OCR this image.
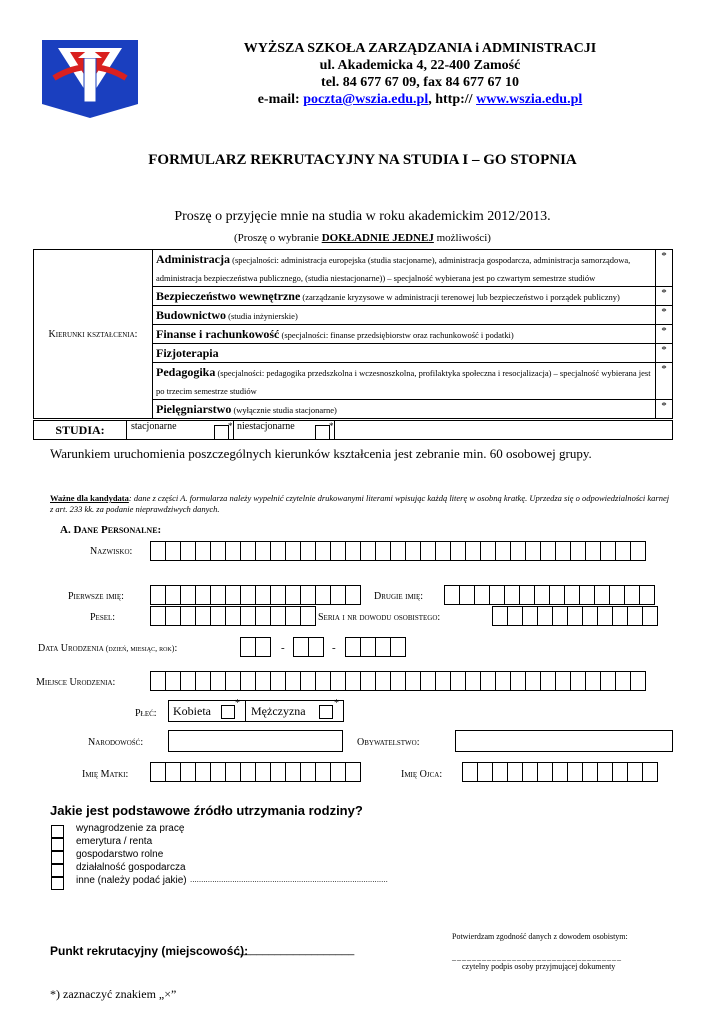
WYŻSZA SZKOŁA ZARZĄDZANIA i ADMINISTRACJI
ul. Akademicka 4, 22-400 Zamość
tel. 84 677 67 09, fax 84 677 67 10
e-mail: poczta@wszia.edu.pl, http:// www.wszia.edu.pl
FORMULARZ REKRUTACYJNY NA STUDIA I – GO STOPNIA
Proszę o przyjęcie mnie na studia w roku akademickim 2012/2013.
(Proszę o wybranie DOKŁADNIE JEDNEJ możliwości)
Kierunki kształcenia:	Administracja (specjalności: administracja europejska (studia stacjonarne), administracja gospodarcza, administracja samorządowa, administracja bezpieczeństwa publicznego, (studia niestacjonarne)) – specjalność wybierana jest po czwartym semestrze studiów	*
	Bezpieczeństwo wewnętrzne (zarządzanie kryzysowe w administracji terenowej lub bezpieczeństwo i porządek publiczny)	*
	Budownictwo (studia inżynierskie)	*
	Finanse i rachunkowość (specjalności: finanse przedsiębiorstw oraz rachunkowość i podatki)	*
	Fizjoterapia	*
	Pedagogika (specjalności: pedagogika przedszkolna i wczesnoszkolna, profilaktyka społeczna i resocjalizacja) – specjalność wybierana jest po trzecim semestrze studiów	*
	Pielęgniarstwo (wyłącznie studia stacjonarne)	*
STUDIA:	stacjonarne	* niestacjonarne	*
Warunkiem uruchomienia poszczególnych kierunków kształcenia jest zebranie min. 60 osobowej grupy.
Ważne dla kandydata: dane z części A. formularza należy wypełnić czytelnie drukowanymi literami wpisując każdą literę w osobną kratkę. Uprzedza się o odpowiedzialności karnej z art. 233 kk. za podanie nieprawdziwych danych.
A. Dane Personalne:
Nazwisko:
Pierwsze imię:	Drugie imię:
Pesel:	Seria i nr dowodu osobistego:
Data Urodzenia (dzień, miesiąc, rok):	-	-
Miejsce Urodzenia:
Płeć: Kobieta
*
Mężczyzna
*
Narodowość:	Obywatelstwo:
Imię Matki:	Imię Ojca:
Jakie jest podstawowe źródło utrzymania rodziny?
wynagrodzenie za pracę
emerytura / renta
gospodarstwo rolne
działalność gospodarcza
inne (należy podać jakie) .........................................................................................
Punkt rekrutacyjny (miejscowość):
___________________
Potwierdzam zgodność danych z dowodem osobistym:
_ _ _ _ _ _ _ _ _ _ _ _ _ _ _ _ _ _ _ _ _ _ _ _ _ _ _ _ _ _ _ _ _ _
czytelny podpis osoby przyjmującej dokumenty
*) zaznaczyć znakiem „×”
